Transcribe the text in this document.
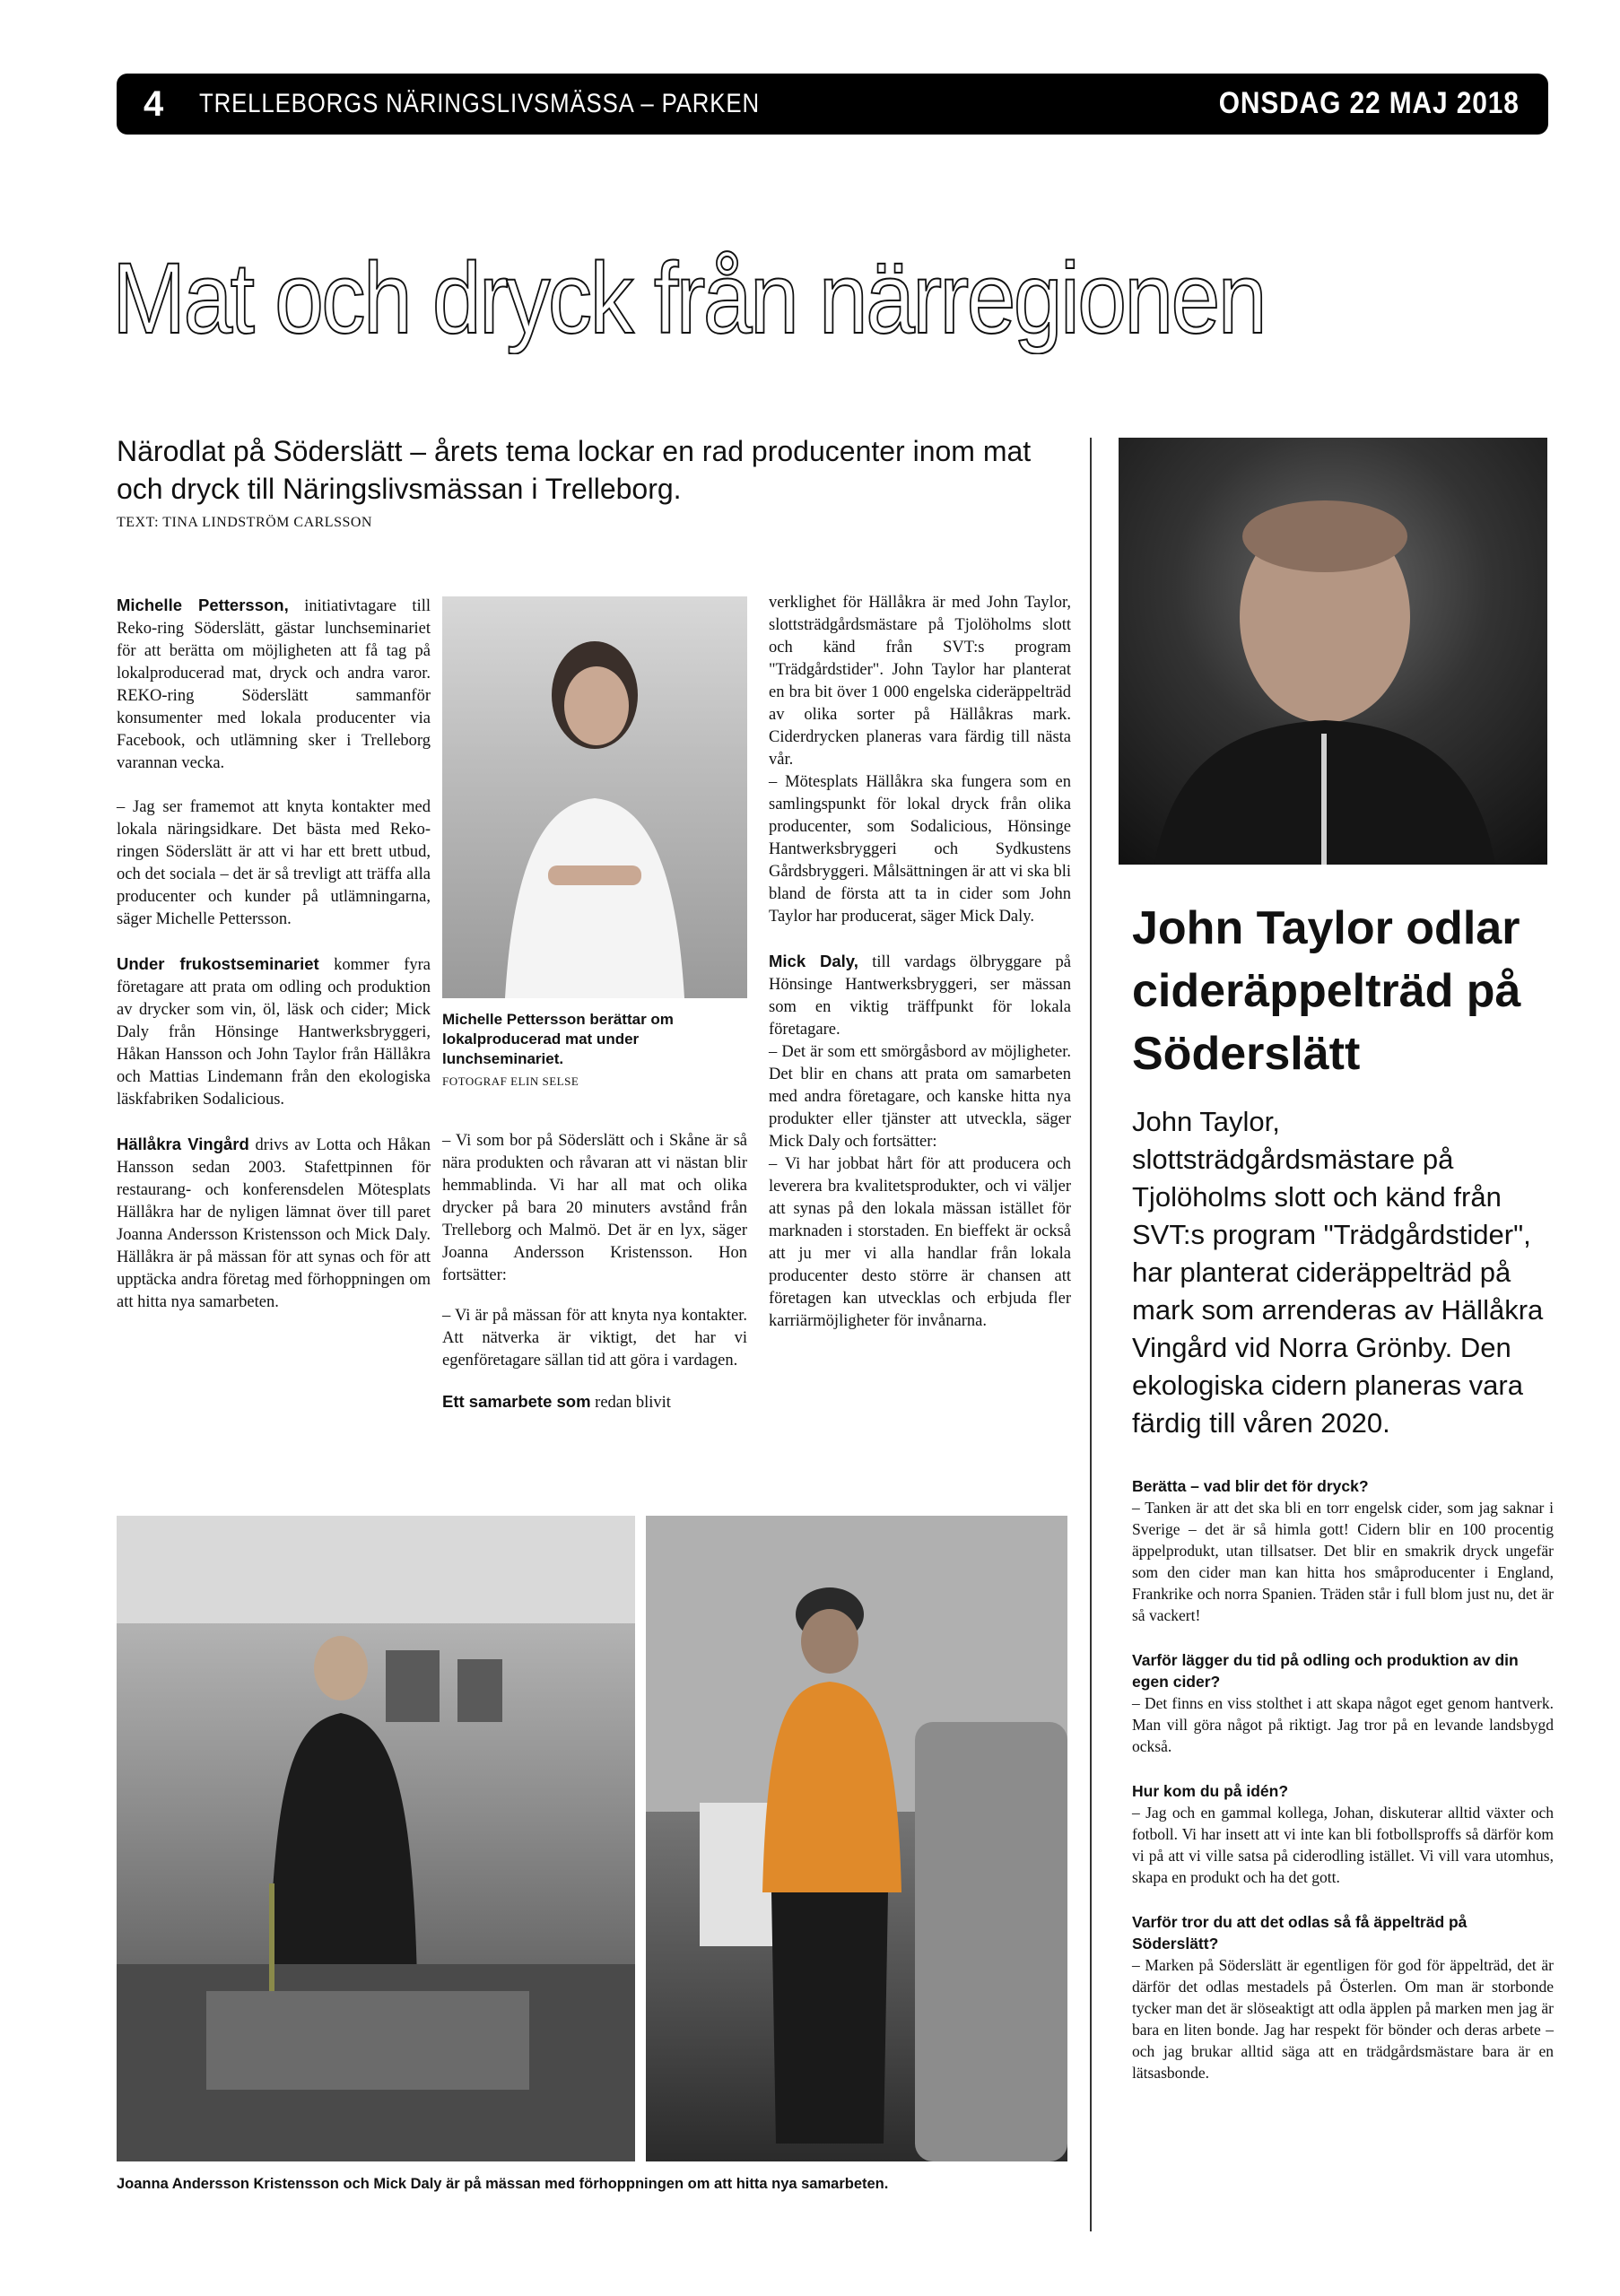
4	TRELLEBORGS NÄRINGSLIVSMÄSSA – PARKEN	ONSDAG 22 MAJ 2018
Mat och dryck från närregionen
Närodlat på Söderslätt – årets tema lockar en rad producenter inom mat och dryck till Näringslivsmässan i Trelleborg.
TEXT: TINA LINDSTRÖM CARLSSON

Michelle Pettersson, initiativtagare till Reko-ring Söderslätt, gästar lunchseminariet för att berätta om möjligheten att få tag på lokalproducerad mat, dryck och andra varor. REKO-ring Söderslätt sammanför konsumenter med lokala producenter via Facebook, och utlämning sker i Trelleborg varannan vecka.

– Jag ser framemot att knyta kontakter med lokala näringsidkare. Det bästa med Reko-ringen Söderslätt är att vi har ett brett utbud, och det sociala – det är så trevligt att träffa alla producenter och kunder på utlämningarna, säger Michelle Pettersson.

Under frukostseminariet kommer fyra företagare att prata om odling och produktion av drycker som vin, öl, läsk och cider; Mick Daly från Hönsinge Hantwerksbryggeri, Håkan Hansson och John Taylor från Hällåkra och Mattias Lindemann från den ekologiska läskfabriken Sodalicious.

Hällåkra Vingård drivs av Lotta och Håkan Hansson sedan 2003. Stafettpinnen för restaurang- och konferensdelen Mötesplats Hällåkra har de nyligen lämnat över till paret Joanna Andersson Kristensson och Mick Daly. Hällåkra är på mässan för att synas och för att upptäcka andra företag med förhoppningen om att hitta nya samarbeten.

Michelle Pettersson berättar om lokalproducerad mat under lunchseminariet.
FOTOGRAF ELIN SELSE

– Vi som bor på Söderslätt och i Skåne är så nära produkten och råvaran att vi nästan blir hemmablinda. Vi har all mat och olika drycker på bara 20 minuters avstånd från Trelleborg och Malmö. Det är en lyx, säger Joanna Andersson Kristensson. Hon fortsätter:

– Vi är på mässan för att knyta nya kontakter. Att nätverka är viktigt, det har vi egenföretagare sällan tid att göra i vardagen.

Ett samarbete som redan blivit

verklighet för Hällåkra är med John Taylor, slottsträdgårdsmästare på Tjolöholms slott och känd från SVT:s program "Trädgårdstider". John Taylor har planterat en bra bit över 1 000 engelska cideräppelträd av olika sorter på Hällåkras mark. Ciderdrycken planeras vara färdig till nästa vår.

– Mötesplats Hällåkra ska fungera som en samlingspunkt för lokal dryck från olika producenter, som Sodalicious, Hönsinge Hantwerksbryggeri och Sydkustens Gårdsbryggeri. Målsättningen är att vi ska bli bland de första att ta in cider som John Taylor har producerat, säger Mick Daly.

Mick Daly, till vardags ölbryggare på Hönsinge Hantwerksbryggeri, ser mässan som en viktig träffpunkt för lokala företagare.

– Det är som ett smörgåsbord av möjligheter. Det blir en chans att prata om samarbeten med andra företagare, och kanske hitta nya produkter eller tjänster att utveckla, säger Mick Daly och fortsätter:

– Vi har jobbat hårt för att producera och leverera bra kvalitetsprodukter, och vi väljer att synas på den lokala mässan istället för marknaden i storstaden. En bieffekt är också att ju mer vi alla handlar från lokala producenter desto större är chansen att företagen kan utvecklas och erbjuda fler karriärmöjligheter för invånarna.

Joanna Andersson Kristensson och Mick Daly är på mässan med förhoppningen om att hitta nya samarbeten.
John Taylor odlar cideräppelträd på Söderslätt
John Taylor, slottsträdgårdsmästare på Tjolöholms slott och känd från SVT:s program "Trädgårdstider", har planterat cideräppelträd på mark som arrenderas av Hällåkra Vingård vid Norra Grönby. Den ekologiska cidern planeras vara färdig till våren 2020.

Berätta – vad blir det för dryck?

– Tanken är att det ska bli en torr engelsk cider, som jag saknar i Sverige – det är så himla gott! Cidern blir en 100 procentig äppelprodukt, utan tillsatser. Det blir en smakrik dryck ungefär som den cider man kan hitta hos småproducenter i England, Frankrike och norra Spanien. Träden står i full blom just nu, det är så vackert!

Varför lägger du tid på odling och produktion av din egen cider?

– Det finns en viss stolthet i att skapa något eget genom hantverk. Man vill göra något på riktigt. Jag tror på en levande landsbygd också.

Hur kom du på idén?

– Jag och en gammal kollega, Johan, diskuterar alltid växter och fotboll. Vi har insett att vi inte kan bli fotbollsproffs så därför kom vi på att vi ville satsa på ciderodling istället. Vi vill vara utomhus, skapa en produkt och ha det gott.

Varför tror du att det odlas så få äppelträd på Söderslätt?

– Marken på Söderslätt är egentligen för god för äppelträd, det är därför det odlas mestadels på Österlen. Om man är storbonde tycker man det är slöseaktigt att odla äpplen på marken men jag är bara en liten bonde. Jag har respekt för bönder och deras arbete – och jag brukar alltid säga att en trädgårdsmästare bara är en lätsasbonde.
